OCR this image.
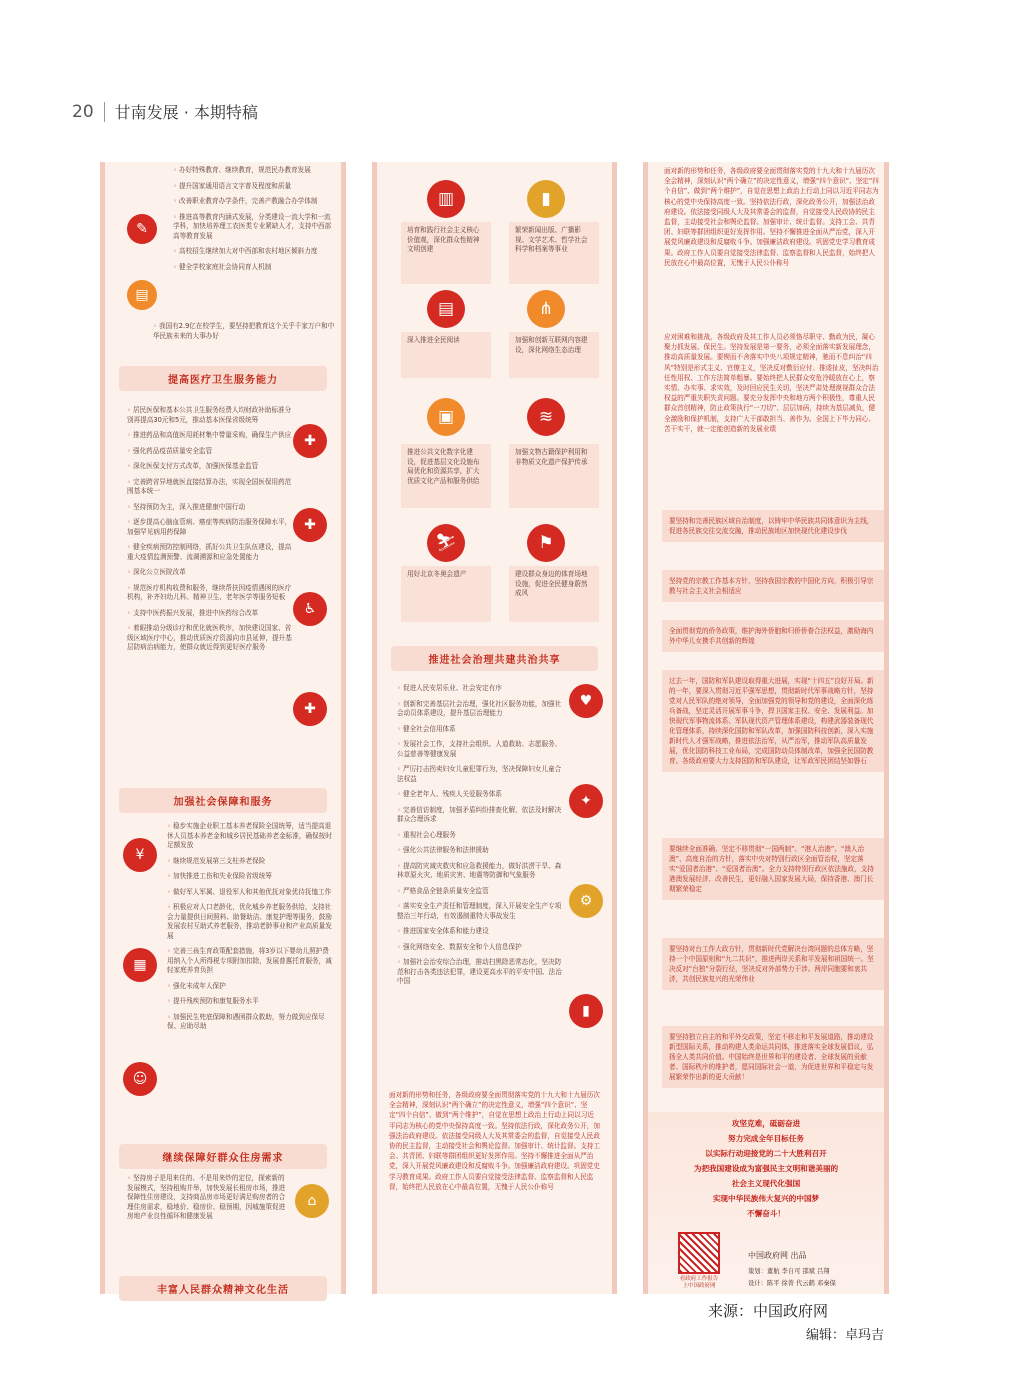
20 甘南发展 · 本期特稿
◦ 办好特殊教育、继续教育，规范民办教育发展
◦ 提升国家通用语言文字普及程度和质量
◦ 改善职业教育办学条件，完善产教融合办学体制
◦ 推进高等教育内涵式发展，分类建设一流大学和一流学科，加快培养理工农医类专业紧缺人才，支持中西部高等教育发展
◦ 高校招生继续加大对中西部和农村地区倾斜力度
◦ 健全学校家庭社会协同育人机制
✎
▤
◦ 我国有2.9亿在校学生，要坚持把教育这个关乎千家万户和中华民族未来的大事办好
提高医疗卫生服务能力
◦ 居民医保和基本公共卫生服务经费人均财政补助标准分别再提高30元和5元，推动基本医保省级统筹
◦ 推进药品和高值医用耗材集中带量采购，确保生产供应
◦ 强化药品疫苗质量安全监管
◦ 深化医保支付方式改革，加强医保基金监管
◦ 完善跨省异地就医直接结算办法，实现全国医保用药范围基本统一
◦ 坚持预防为主，深入推进健康中国行动
◦ 逐步提高心脑血管病、癌症等疾病防治服务保障水平，加强罕见病用药保障
◦ 健全疾病预防控制网络，抓好公共卫生队伍建设，提高重大疫情监测预警、流调溯源和应急处置能力
◦ 深化公立医院改革
◦ 规范医疗机构收费和服务，继续帮扶因疫情遇困的医疗机构，补齐妇幼儿科、精神卫生、老年医学等服务短板
◦ 支持中医药振兴发展，推进中医药综合改革
◦ 着眼推动分级诊疗和优化就医秩序，加快建设国家、省级区域医疗中心，推动优质医疗资源向市县延伸，提升基层防病治病能力，使群众就近得到更好医疗服务
✚
✚
♿
✚
加强社会保障和服务
◦ 稳步实施企业职工基本养老保险全国统筹，适当提高退休人员基本养老金和城乡居民基础养老金标准，确保按时足额发放
◦ 继续规范发展第三支柱养老保险
◦ 加快推进工伤和失业保险省级统筹
◦ 做好军人军属、退役军人和其他优抚对象优待抚恤工作
◦ 积极应对人口老龄化，优化城乡养老服务供给，支持社会力量提供日间照料、助餐助洁、康复护理等服务，鼓励发展农村互助式养老服务，推动老龄事业和产业高质量发展
◦ 完善三孩生育政策配套措施，将3岁以下婴幼儿照护费用纳入个人所得税专项附加扣除，发展普惠托育服务，减轻家庭养育负担
◦ 强化未成年人保护
◦ 提升残疾预防和康复服务水平
◦ 加强民生兜底保障和遇困群众救助，努力做到应保尽保、应助尽助
¥
▦
☺
继续保障好群众住房需求
◦ 坚持房子是用来住的、不是用来炒的定位，探索新的发展模式，坚持租购并举，加快发展长租房市场，推进保障性住房建设，支持商品房市场更好满足购房者的合理住房需求，稳地价、稳房价、稳预期，因城施策促进房地产业良性循环和健康发展
⌂
丰富人民群众精神文化生活
▥	▮
培育和践行社会主义核心价值观，深化群众性精神文明创建
繁荣新闻出版、广播影视、文学艺术、哲学社会科学和档案等事业
▤	⋔
深入推进全民阅读	加强和创新互联网内容建设，深化网络生态治理
▣	≋
推进公共文化数字化建设，促进基层文化设施布局优化和资源共享，扩大优质文化产品和服务供给
加强文物古籍保护利用和非物质文化遗产保护传承
⛷	⚑
用好北京冬奥会遗产	建设群众身边的体育场地设施，促进全民健身蔚然成风
推进社会治理共建共治共享
◦ 促进人民安居乐业、社会安定有序
◦ 创新和完善基层社会治理，强化社区服务功能，加强社会动员体系建设，提升基层治理能力
◦ 健全社会信用体系
◦ 发展社会工作，支持社会组织、人道救助、志愿服务、公益慈善等健康发展
◦ 严厉打击拐卖妇女儿童犯罪行为，坚决保障妇女儿童合法权益
◦ 健全老年人、残疾人关爱服务体系
◦ 完善信访制度，加强矛盾纠纷排查化解，依法及时解决群众合理诉求
◦ 重视社会心理服务
◦ 强化公共法律服务和法律援助
◦ 提高防灾减灾救灾和应急救援能力，做好洪涝干旱、森林草原火灾、地质灾害、地震等防御和气象服务
◦ 严格食品全链条质量安全监管
◦ 落实安全生产责任和管理制度，深入开展安全生产专项整治三年行动，有效遏制重特大事故发生
◦ 推进国家安全体系和能力建设
◦ 强化网络安全、数据安全和个人信息保护
◦ 加强社会治安综合治理，推动扫黑除恶常态化，坚决防范和打击各类违法犯罪，建设更高水平的平安中国、法治中国
♥
✦
⚙
▮
面对新的形势和任务，各级政府要全面贯彻落实党的十九大和十九届历次全会精神，深刻认识“两个确立”的决定性意义，增强“四个意识”、坚定“四个自信”、做到“两个维护”，自觉在思想上政治上行动上同以习近平同志为核心的党中央保持高度一致。坚持依法行政，深化政务公开，加强法治政府建设。依法接受同级人大及其常委会的监督，自觉接受人民政协的民主监督，主动接受社会和舆论监督。加强审计、统计监督。支持工会、共青团、妇联等群团组织更好发挥作用。坚持不懈推进全面从严治党，深入开展党风廉政建设和反腐败斗争。加强廉洁政府建设。巩固党史学习教育成果。政府工作人员要自觉接受法律监督、监察监督和人民监督，始终把人民放在心中最高位置，无愧于人民公仆称号
面对新的形势和任务，各级政府要全面贯彻落实党的十九大和十九届历次全会精神，深刻认识“两个确立”的决定性意义，增强“四个意识”、坚定“四个自信”、做到“两个维护”，自觉在思想上政治上行动上同以习近平同志为核心的党中央保持高度一致。坚持依法行政，深化政务公开，加强法治政府建设。依法接受同级人大及其常委会的监督，自觉接受人民政协的民主监督，主动接受社会和舆论监督。加强审计、统计监督。支持工会、共青团、妇联等群团组织更好发挥作用。坚持不懈推进全面从严治党，深入开展党风廉政建设和反腐败斗争。加强廉洁政府建设。巩固党史学习教育成果。政府工作人员要自觉接受法律监督、监察监督和人民监督，始终把人民放在心中最高位置，无愧于人民公仆称号
应对困难和挑战，各级政府及其工作人员必须恪尽职守、勤政为民，凝心聚力抓发展、保民生。坚持发展是第一要务，必须全面落实新发展理念，推动高质量发展。要锲而不舍落实中央八项规定精神，驰而不息纠治“四风”特别是形式主义、官僚主义，坚决反对敷衍应付、推诿扯皮，坚决纠治任性用权、工作方法简单粗暴。要始终把人民群众安危冷暖放在心上，察实情、办实事、求实效，及时回应民生关切，坚决严肃处理漠视群众合法权益的严重失职失责问题。要充分发挥中央和地方两个积极性，尊重人民群众首创精神，防止政策执行“一刀切”、层层加码，持续为基层减负，健全激励和保护机制，支持广大干部敢担当、善作为。全国上下毕力同心、苦干实干，就一定能创造新的发展业绩
要坚持和完善民族区域自治制度，以铸牢中华民族共同体意识为主线，促进各民族交往交流交融，推动民族地区加快现代化建设步伐
坚持党的宗教工作基本方针，坚持我国宗教的中国化方向，积极引导宗教与社会主义社会相适应
全面贯彻党的侨务政策，维护海外侨胞和归侨侨眷合法权益，激励海内外中华儿女携手共创新的辉煌
过去一年，国防和军队建设取得重大进展，实现“十四五”良好开局。新的一年，要深入贯彻习近平强军思想，贯彻新时代军事战略方针，坚持党对人民军队的绝对领导，全面加强党的领导和党的建设，全面深化练兵备战，坚定灵活开展军事斗争，捍卫国家主权、安全、发展利益。加快现代军事物流体系、军队现代资产管理体系建设，构建武器装备现代化管理体系，持续深化国防和军队改革，加强国防科技创新，深入实施新时代人才强军战略，推进依法治军，从严治军，推动军队高质量发展，优化国防科技工业布局，完成国防动员体制改革，加强全民国防教育。各级政府要大力支持国防和军队建设，让军政军民团结坚如磐石
要继续全面准确、坚定不移贯彻“一国两制”、“港人治港”、“澳人治澳”、高度自治的方针，落实中央对特别行政区全面管治权，坚定落实“爱国者治港”、“爱国者治澳”。全力支持特别行政区依法施政，支持港澳发展经济、改善民生，更好融入国家发展大局，保持香港、澳门长期繁荣稳定
要坚持对台工作大政方针，贯彻新时代党解决台湾问题的总体方略，坚持一个中国原则和“九二共识”，推进两岸关系和平发展和祖国统一。坚决反对“台独”分裂行径，坚决反对外部势力干涉。两岸同胞要和衷共济，共创民族复兴的光荣伟业
要坚持独立自主的和平外交政策，坚定不移走和平发展道路，推动建设新型国际关系，推动构建人类命运共同体，推进落实全球发展倡议，弘扬全人类共同价值。中国始终是世界和平的建设者、全球发展的贡献者、国际秩序的维护者，愿同国际社会一道，为促进世界和平稳定与发展繁荣作出新的更大贡献！
攻坚克难，砥砺奋进
努力完成全年目标任务
以实际行动迎接党的二十大胜利召开
为把我国建设成为富强民主文明和谐美丽的
社会主义现代化强国
实现中华民族伟大复兴的中国梦
不懈奋斗！
看政府工作报告
上中国政府网
中国政府网 出品
策划：董航 李自可 邵斌 吕翔
设计：陈平 徐菁 代云鹤 邓秦保
来源：中国政府网
编辑：卓玛吉
